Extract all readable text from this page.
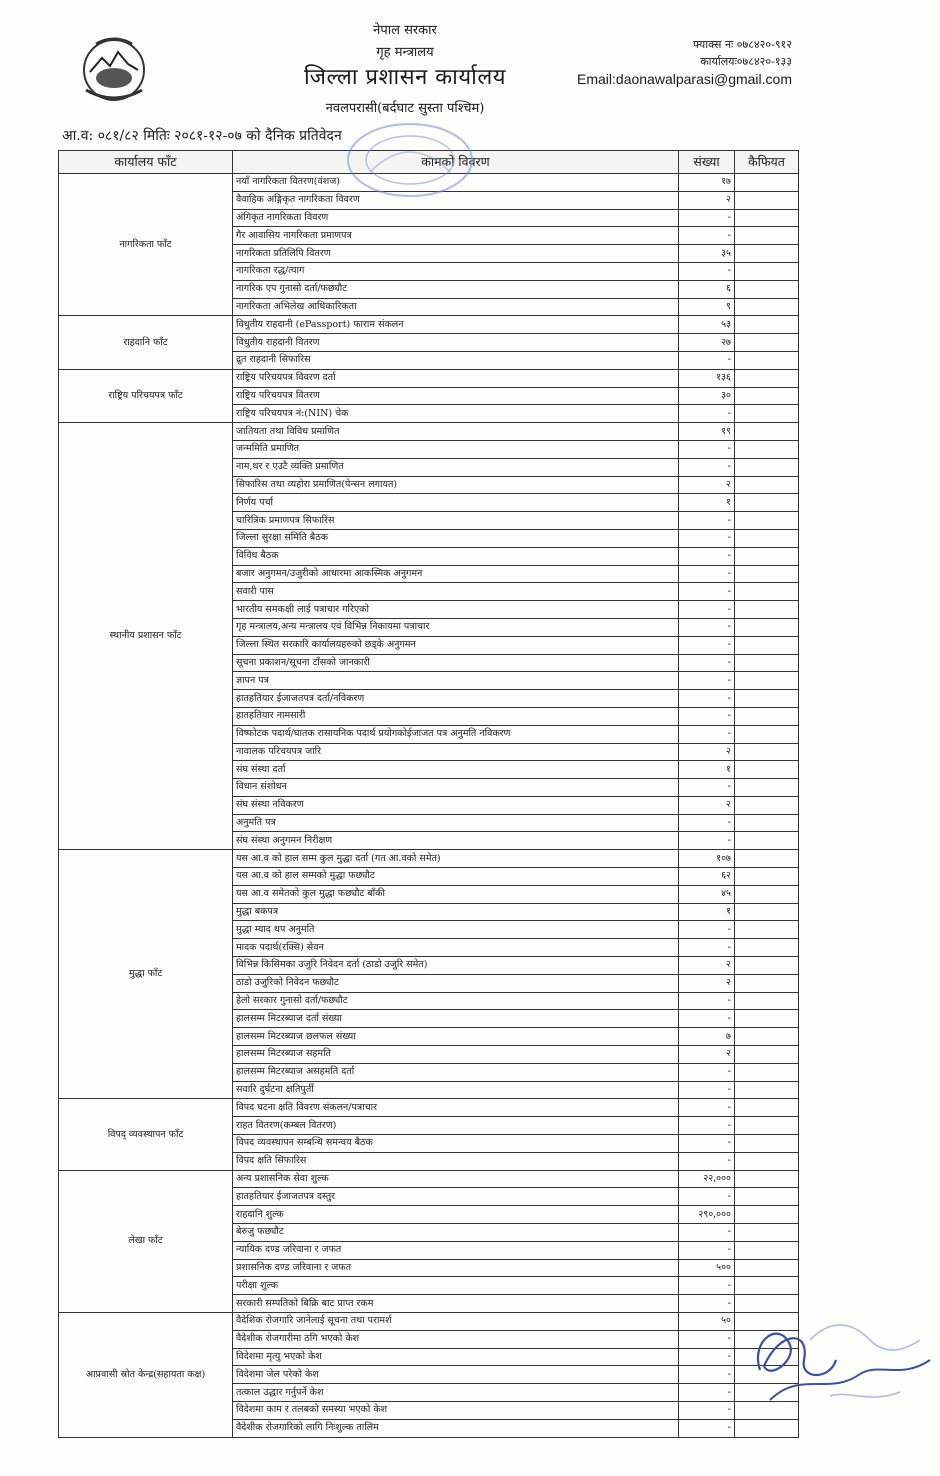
नेपाल सरकार
गृह मन्त्रालय
जिल्ला प्रशासन कार्यालय
नवलपरासी(बर्दघाट सुस्ता पश्चिम)
फ्याक्स नः ०७८४२०-९१२
कार्यालयः०७८४२०-१३३
Email:daonawalparasi@gmail.com
आ.व: ०८१/८२ मितिः २०८१-१२-०७ को दैनिक प्रतिवेदन
कार्यालय फाँट	कामको विवरण	संख्या	कैफियत
नागरिकता फाँट	नयाँ नागरिकता वितरण(वंशज)	१७	
	वैवाहिक अङ्गिकृत नागरिकता विवरण	२	
	अंगिकृत नागरिकता विवरण	-	
	गैर आवासिय नागरिकता प्रमाणपत्र	-	
	नागरिकता प्रतिलिपि वितरण	३५	
	नागरिकता रद्ध/त्याग	-	
	नागरिक एप गुनासो दर्ता/फछ्यौट	६	
	नागरिकता अभिलेख आधिकारिकता	९	
राहदानि फाँट	विधुतीय राहदानी (ePassport) फाराम संकलन	५३	
	विधुतीय राहदानी वितरण	२७	
	द्रुत राहदानी सिफारिस	-	
राष्ट्रिय परिचयपत्र फाँट	राष्ट्रिय परिचयपत्र विवरण दर्ता	१३६	
	राष्ट्रिय परिचयपत्र वितरण	३०	
	राष्ट्रिय परिचयपत्र नं:(NIN) चेक	-	
स्थानीय प्रशासन फाँट	जातियता तथा विविध प्रमाणित	१९	
	जन्ममिति प्रमाणित	-	
	नाम,थर र एउटै व्यक्ति प्रमाणित	-	
	सिफारिस तथा व्यहोरा प्रमाणित(पेन्सन लगायत)	२	
	निर्णय पर्चा	१	
	चारित्रिक प्रमाणपत्र सिफारिस	-	
	जिल्ला सुरक्षा समिति बैठक	-	
	विविध बैठक	-	
	बजार अनुगमन/उजुरीको आधारमा आकस्मिक अनुगमन	-	
	सवारी पास	-	
	भारतीय समकक्षी लाई पत्राचार गरिएको	-	
	गृह मन्त्रालय,अन्य मन्त्रालय एवं विभिन्न निकायमा पत्राचार	-	
	जिल्ला स्थित सरकारि कार्यालयहरुको छड्के अनुगमन	-	
	सूचना प्रकाशन/सूचना टाँसको जानकारी	-	
	ज्ञापन पत्र	-	
	हातहतियार ईजाजतपत्र दर्ता/नविकरण	-	
	हातहतियार नामसारी	-	
	विष्फोटक पदार्थ/घातक रासायनिक पदार्थ प्रयोगकोईजाजत पत्र अनुमति नविकरण	-	
	नावालक परिचयपत्र जारि	२	
	संघ संस्था दर्ता	१	
	विधान संशोधन	-	
	संघ संस्था नविकरण	२	
	अनुमति पत्र	-	
	संघ संस्था अनुगमन निरीक्षण	-	
मुद्धा फाँट	यस आ.व को हाल सम्म कुल मुद्धा दर्ता (गत आ.वको समेत)	१०७	
	यस आ.व को हाल सम्मको मुद्धा फछ्यौट	६२	
	यस आ.व समेतको कुल मुद्धा फछ्यौट बाँकी	४५	
	मुद्धा बकपत्र	१	
	मुद्धा म्याद थप अनुमति	-	
	मादक पदार्थ(रक्सि) सेवन	-	
	विभिन्न किसिमका उजुरि निवेदन दर्ता (ठाडो उजुरि समेत)	२	
	ठाडो उजुरिको निवेदन फछ्यौट	२	
	हेलो सरकार गुनासो दर्ता/फछ्यौट	-	
	हालसम्म मिटरब्याज दर्ता संख्या	-	
	हालसम्म मिटरब्याज छलफल संख्या	७	
	हालसम्म मिटरब्याज सहमति	२	
	हालसम्म मिटरब्याज असहमति दर्ता	-	
	सवारि दुर्घटना क्षतिपुर्ती	-	
विपद् व्यवस्थापन फाँट	विपद घटना क्षति विवरण संकलन/पत्राचार	-	
	राहत वितरण(कम्बल वितरण)	-	
	विपद व्यवस्थापन सम्बन्धि समन्वय बैठक	-	
	विपद क्षति सिफारिस	-	
लेखा फाँट	अन्य प्रशासनिक सेवा शुल्क	२२,०००	
	हातहतियार ईजाजतपत्र दस्तुर	-	
	राहदानि शुल्क	२९०,०००	
	बेरुजु फछ्यौट	-	
	न्यायिक दण्ड जरिवाना र जफत	-	
	प्रशासनिक दण्ड जरिवाना र जफत	५००	
	परीक्षा शुल्क	-	
	सरकारी सम्पतिको बिक्रि बाट प्राप्त रकम	-	
आप्रवासी स्रोत केन्द्र(सहायता कक्ष)	वैदेशिक रोजगारि जानेलाई सूचना तथा परामर्श	५०	
	वैदेशीक रोजगारीमा ठगि भएको केश	-	
	विदेशमा मृत्यु भएको केश	-	
	विदेशमा जेल परेको केश	-	
	तत्काल उद्धार गर्नुपर्ने केश	-	
	विदेशमा काम र तलबको समस्या भएको केश	-	
	वैदेशीक रोजगारिको लागि निःशुल्क तालिम	-	
